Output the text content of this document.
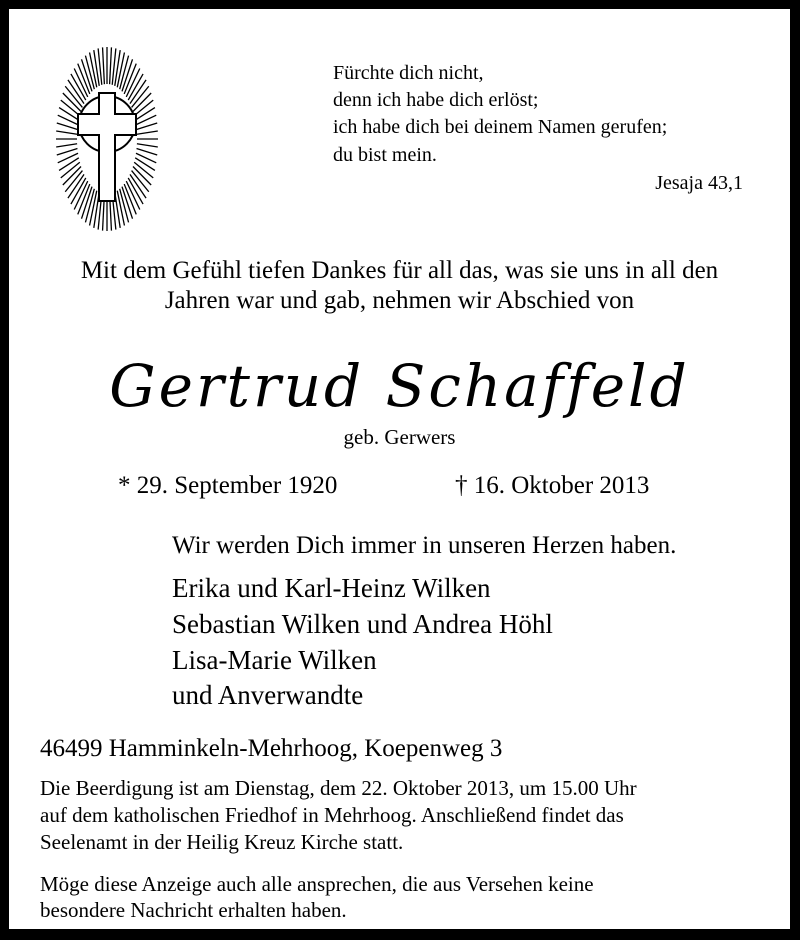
Fürchte dich nicht,
denn ich habe dich erlöst;
ich habe dich bei deinem Namen gerufen;
du bist mein.
Jesaja 43,1
Mit dem Gefühl tiefen Dankes für all das, was sie uns in all den
Jahren war und gab, nehmen wir Abschied von
Gertrud Schaffeld
geb. Gerwers
* 29. September 1920	† 16. Oktober 2013
Wir werden Dich immer in unseren Herzen haben.
Erika und Karl-Heinz Wilken
Sebastian Wilken und Andrea Höhl
Lisa-Marie Wilken
und Anverwandte
46499 Hamminkeln-Mehrhoog, Koepenweg 3
Die Beerdigung ist am Dienstag, dem 22. Oktober 2013, um 15.00 Uhr
auf dem katholischen Friedhof in Mehrhoog. Anschließend findet das
Seelenamt in der Heilig Kreuz Kirche statt.
Möge diese Anzeige auch alle ansprechen, die aus Versehen keine
besondere Nachricht erhalten haben.
